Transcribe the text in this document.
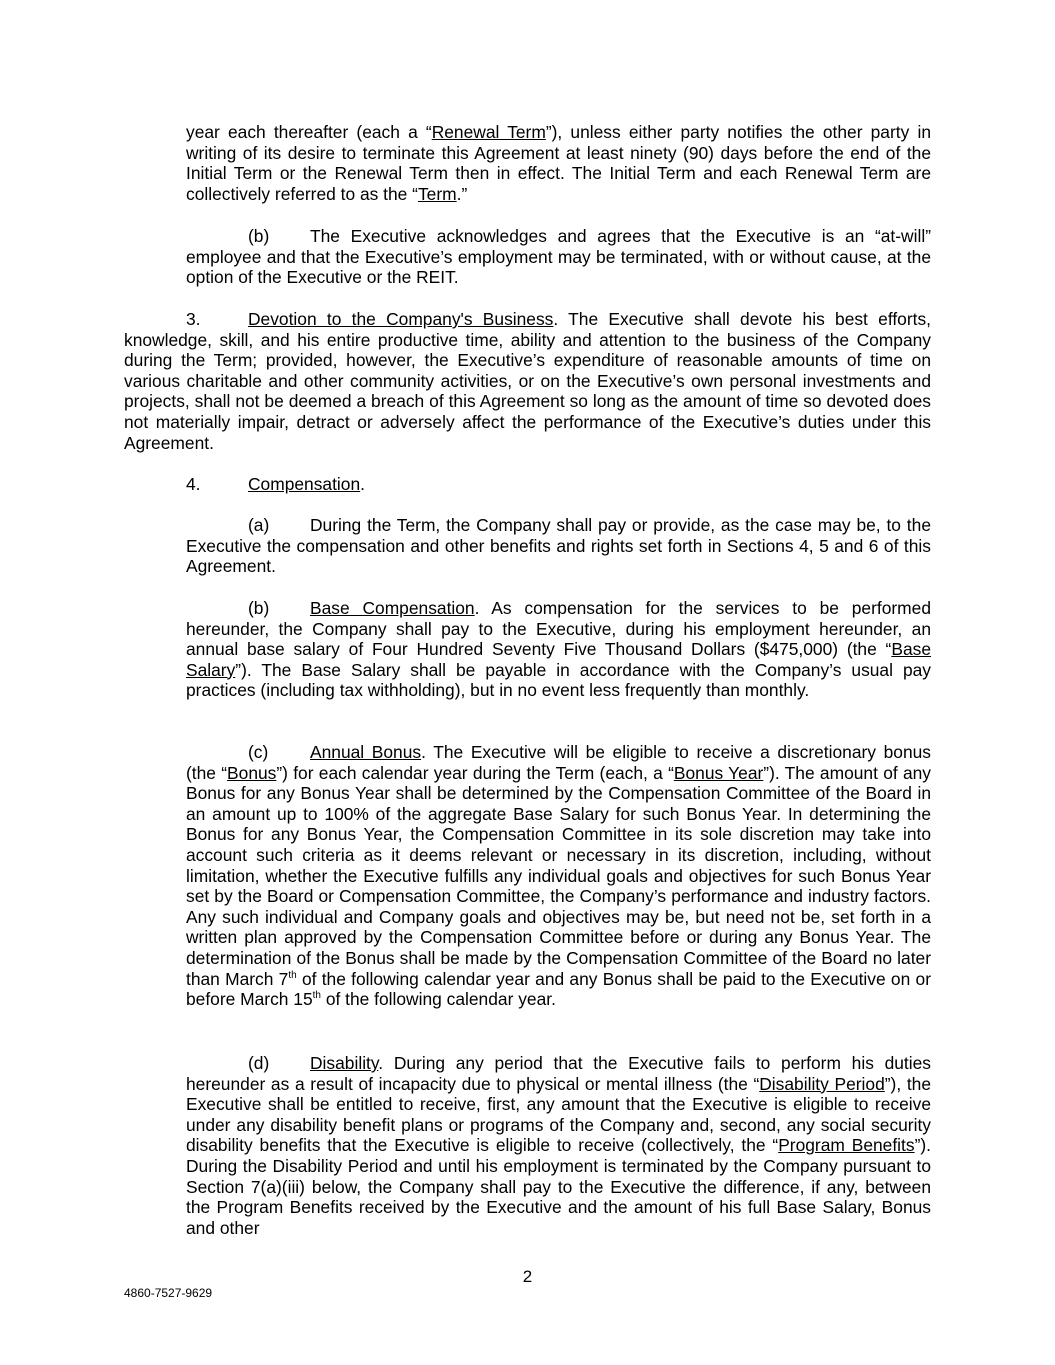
year each thereafter (each a “Renewal Term”), unless either party notifies the other party in writing of its desire to terminate this Agreement at least ninety (90) days before the end of the Initial Term or the Renewal Term then in effect. The Initial Term and each Renewal Term are collectively referred to as the “Term.”

(b) The Executive acknowledges and agrees that the Executive is an “at-will” employee and that the Executive’s employment may be terminated, with or without cause, at the option of the Executive or the REIT.

3.	Devotion to the Company's Business. The Executive shall devote his best efforts, knowledge, skill, and his entire productive time, ability and attention to the business of the Company during the Term; provided, however, the Executive’s expenditure of reasonable amounts of time on various charitable and other community activities, or on the Executive’s own personal investments and projects, shall not be deemed a breach of this Agreement so long as the amount of time so devoted does not materially impair, detract or adversely affect the performance of the Executive’s duties under this Agreement.

4.	Compensation.

(a) During the Term, the Company shall pay or provide, as the case may be, to the Executive the compensation and other benefits and rights set forth in Sections 4, 5 and 6 of this Agreement.

(b) Base Compensation. As compensation for the services to be performed hereunder, the Company shall pay to the Executive, during his employment hereunder, an annual base salary of Four Hundred Seventy Five Thousand Dollars ($475,000) (the “Base Salary”). The Base Salary shall be payable in accordance with the Company’s usual pay practices (including tax withholding), but in no event less frequently than monthly.

(c) Annual Bonus. The Executive will be eligible to receive a discretionary bonus (the “Bonus”) for each calendar year during the Term (each, a “Bonus Year”). The amount of any Bonus for any Bonus Year shall be determined by the Compensation Committee of the Board in an amount up to 100% of the aggregate Base Salary for such Bonus Year. In determining the Bonus for any Bonus Year, the Compensation Committee in its sole discretion may take into account such criteria as it deems relevant or necessary in its discretion, including, without limitation, whether the Executive fulfills any individual goals and objectives for such Bonus Year set by the Board or Compensation Committee, the Company’s performance and industry factors. Any such individual and Company goals and objectives may be, but need not be, set forth in a written plan approved by the Compensation Committee before or during any Bonus Year. The determination of the Bonus shall be made by the Compensation Committee of the Board no later than March 7th of the following calendar year and any Bonus shall be paid to the Executive on or before March 15th of the following calendar year.

(d) Disability. During any period that the Executive fails to perform his duties hereunder as a result of incapacity due to physical or mental illness (the “Disability Period”), the Executive shall be entitled to receive, first, any amount that the Executive is eligible to receive under any disability benefit plans or programs of the Company and, second, any social security disability benefits that the Executive is eligible to receive (collectively, the “Program Benefits”). During the Disability Period and until his employment is terminated by the Company pursuant to Section 7(a)(iii) below, the Company shall pay to the Executive the difference, if any, between the Program Benefits received by the Executive and the amount of his full Base Salary, Bonus and other

2
4860-7527-9629
